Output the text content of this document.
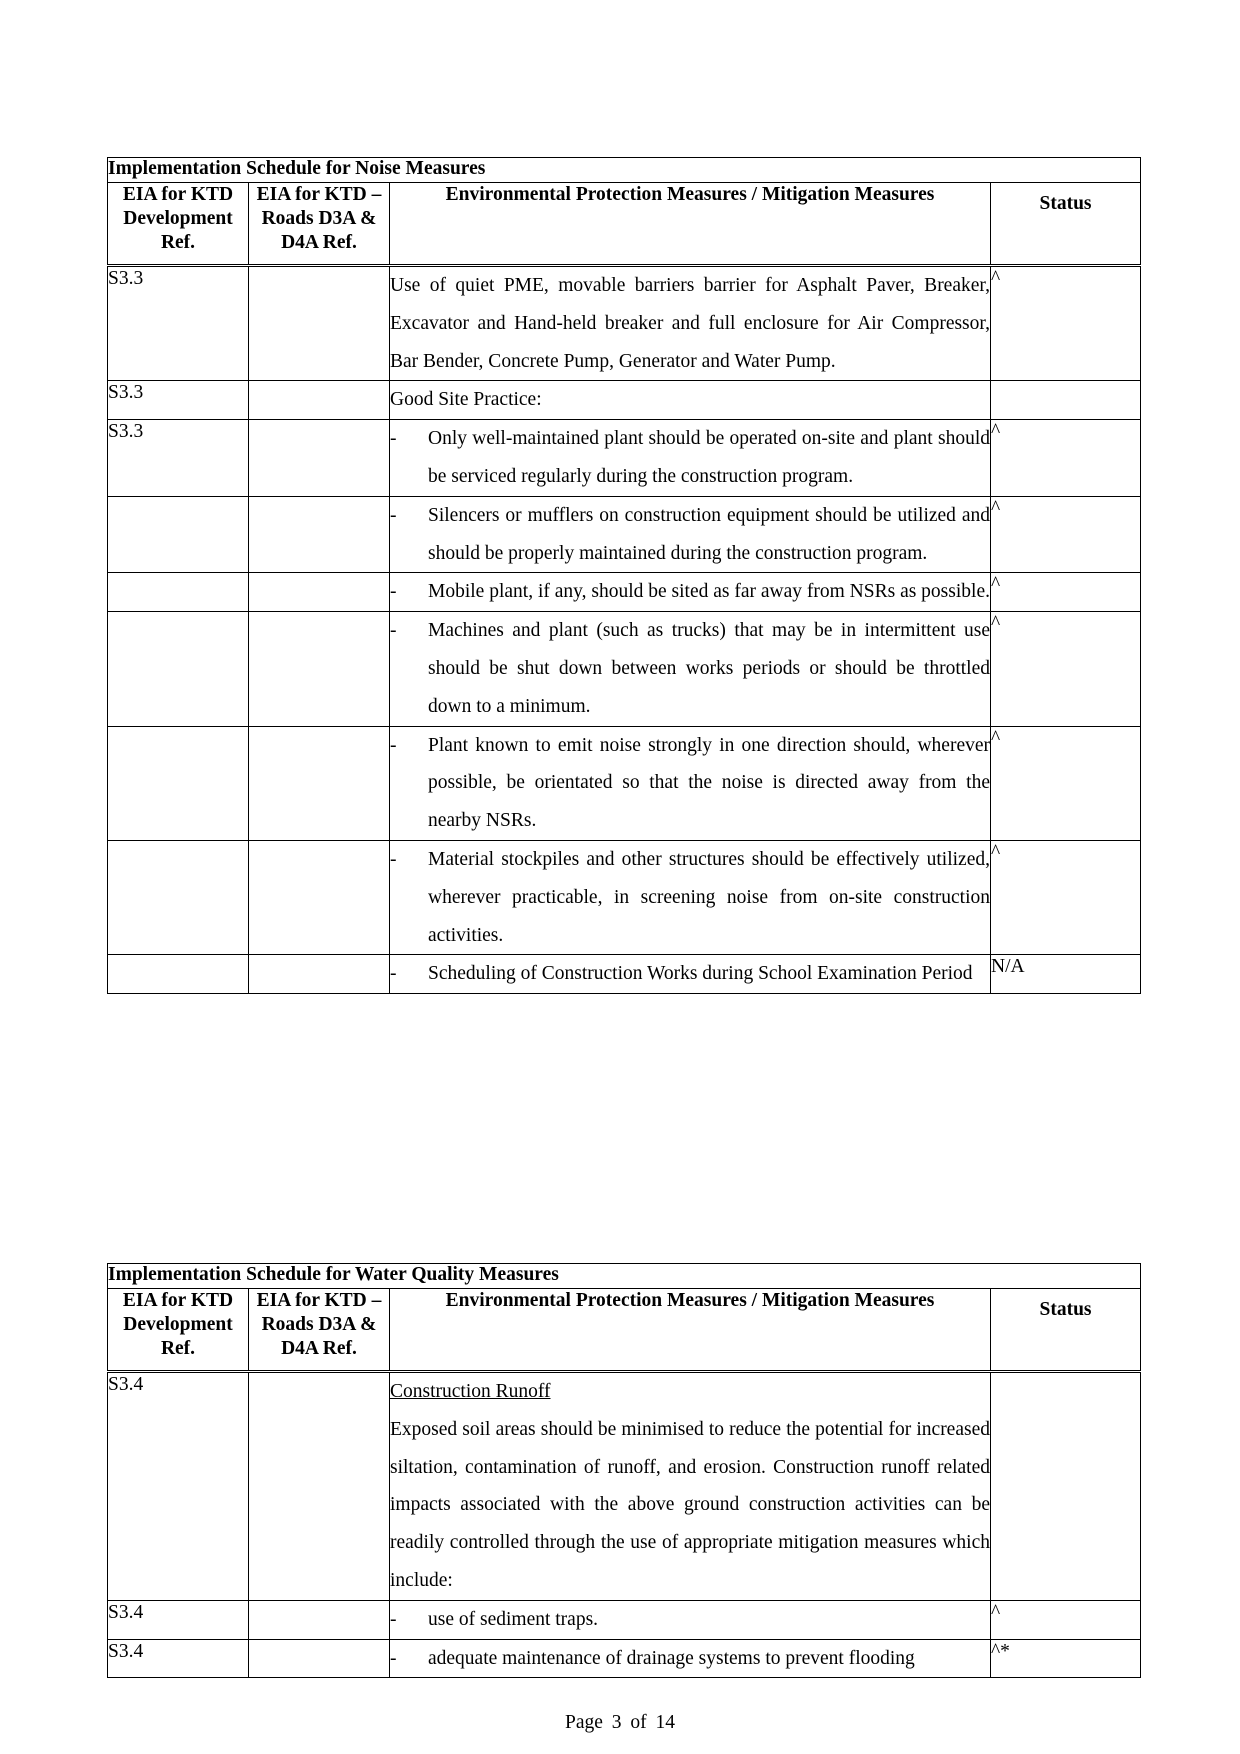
Implementation Schedule for Noise Measures			
EIA for KTD Development Ref.	EIA for KTD – Roads D3A & D4A Ref.	Environmental Protection Measures / Mitigation Measures	Status
S3.3		Use of quiet PME, movable barriers barrier for Asphalt Paver, Breaker, Excavator and Hand-held breaker and full enclosure for Air Compressor, Bar Bender, Concrete Pump, Generator and Water Pump.	^
S3.3		Good Site Practice:	
S3.3		- Only well-maintained plant should be operated on-site and plant should be serviced regularly during the construction program.	^

		- Silencers or mufflers on construction equipment should be utilized and should be properly maintained during the construction program.	^

		- Mobile plant, if any, should be sited as far away from NSRs as possible.	^

		- Machines and plant (such as trucks) that may be in intermittent use should be shut down between works periods or should be throttled down to a minimum.	^

		- Plant known to emit noise strongly in one direction should, wherever possible, be orientated so that the noise is directed away from the nearby NSRs.	^

		- Material stockpiles and other structures should be effectively utilized, wherever practicable, in screening noise from on-site construction activities.	^

		- Scheduling of Construction Works during School Examination Period	N/A
Implementation Schedule for Water Quality Measures			
EIA for KTD Development Ref.	EIA for KTD – Roads D3A & D4A Ref.	Environmental Protection Measures / Mitigation Measures	Status
S3.4		Construction Runoff
Exposed soil areas should be minimised to reduce the potential for increased siltation, contamination of runoff, and erosion. Construction runoff related impacts associated with the above ground construction activities can be readily controlled through the use of appropriate mitigation measures which include:	

S3.4		- use of sediment traps.	^
S3.4		- adequate maintenance of drainage systems to prevent flooding	^*
Page 3 of 14
